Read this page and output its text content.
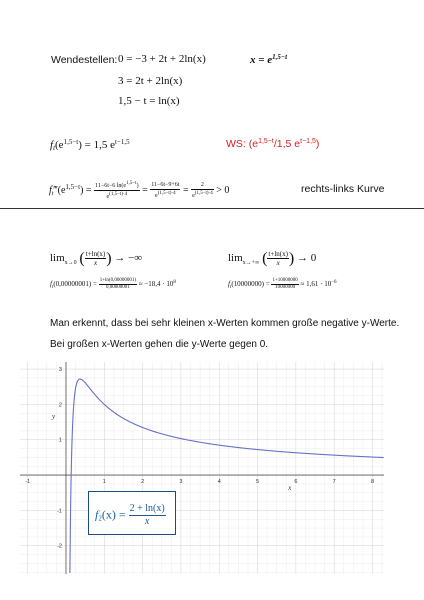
Wendestellen: 0 = −3 + 2t + 2ln(x)	$x = e^{1,5-t}$
3 = 2t + 2ln(x)
1,5 − t = ln(x)
$ft(e^{1,5-t}) = 1,5$ $e^{t-1,5}$	WS: ($e^{1,5-t}/1,5$ $e^{t-1,5}$)
$f_t‴(e^{1,5-t}) = \frac{11-6t-6 \ln(e^{1,5-t})}{e^{(1,5-t)\cdot 4}} = \frac{11-6t-9+6t}{e^{(1,5-t)\cdot 4}} = \frac{2}{e^{(1,5-t)\cdot 4}} > 0$	rechts-links Kurve
$\lim_{x\to 0}$ ( $\frac{t+\ln(x)}{x}$ ) → −∞	$\lim_{x\to+\infty}$ ( $\frac{t+\ln(x)}{x}$ ) → 0
$f_t(0,00000001) = \frac{1+\ln(0,00000001)}{0,00000001} \approx -18,4 \cdot 10^8$	$f_t(10000000) = \frac{1+10000000}{10000000} \approx 1,61 \cdot 10^{-6}$
Man erkennt, dass bei sehr kleinen x-Werten kommen große negative y-Werte.
Bei großen x-Werten gehen die y-Werte gegen 0.
-1	1	2	3	4	5	6	7	8
-2
-1
1
2
3
x
y
$f2(x) = \frac{2 + \ln(x)}{x}$
